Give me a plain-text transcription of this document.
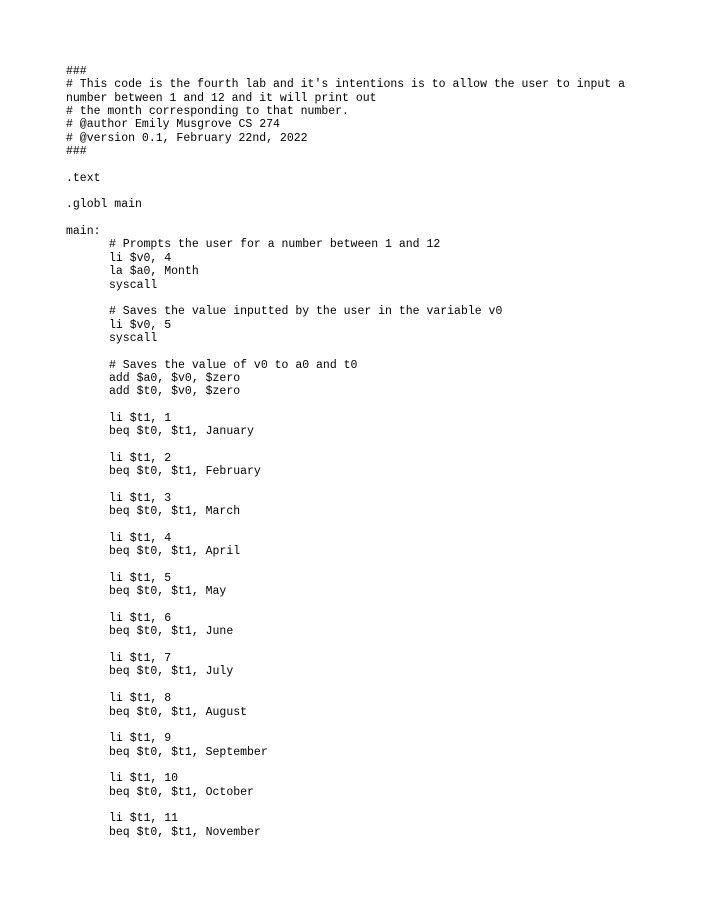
###
# This code is the fourth lab and it's intentions is to allow the user to input a
number between 1 and 12 and it will print out
# the month corresponding to that number.
# @author Emily Musgrove CS 274
# @version 0.1, February 22nd, 2022
###
.text
.globl main
main:
# Prompts the user for a number between 1 and 12
li $v0, 4
la $a0, Month
syscall
# Saves the value inputted by the user in the variable v0
li $v0, 5
syscall
# Saves the value of v0 to a0 and t0
add $a0, $v0, $zero
add $t0, $v0, $zero
li $t1, 1
beq $t0, $t1, January
li $t1, 2
beq $t0, $t1, February
li $t1, 3
beq $t0, $t1, March
li $t1, 4
beq $t0, $t1, April
li $t1, 5
beq $t0, $t1, May
li $t1, 6
beq $t0, $t1, June
li $t1, 7
beq $t0, $t1, July
li $t1, 8
beq $t0, $t1, August
li $t1, 9
beq $t0, $t1, September
li $t1, 10
beq $t0, $t1, October
li $t1, 11
beq $t0, $t1, November
